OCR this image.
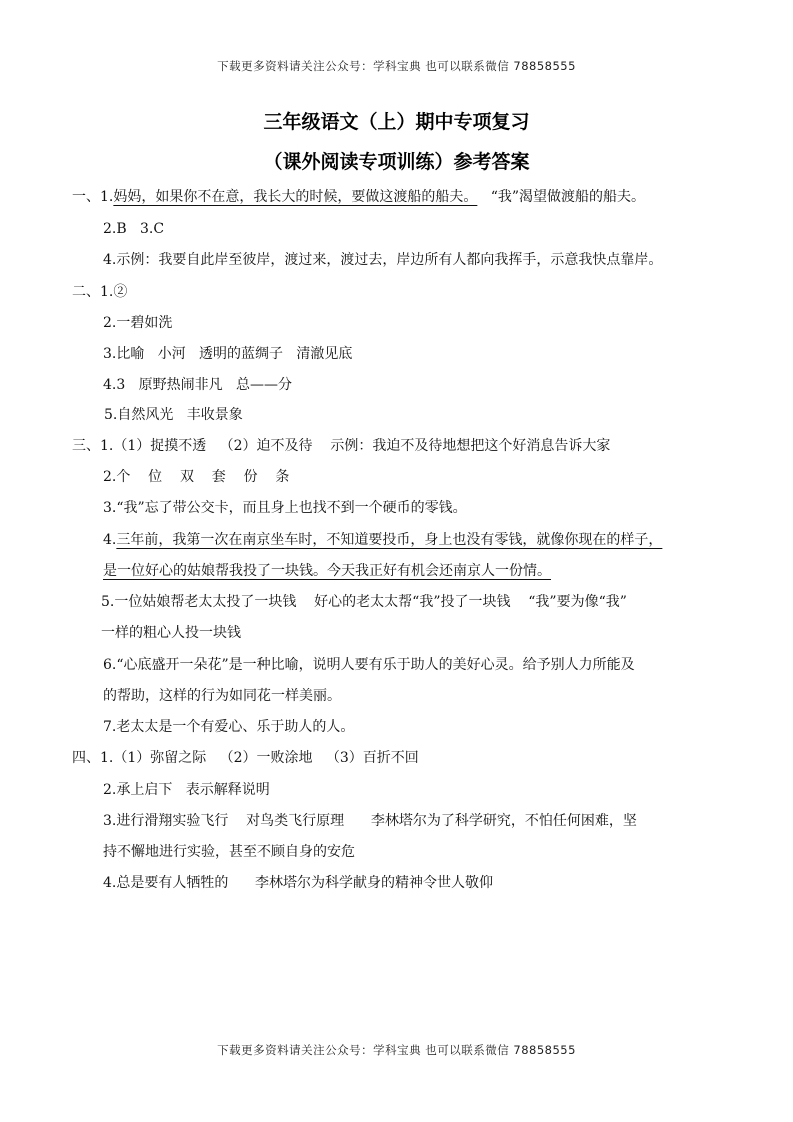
下载更多资料请关注公众号：学科宝典 也可以联系微信 78858555
三年级语文（上）期中专项复习
（课外阅读专项训练）参考答案
一、1.妈妈，如果你不在意，我长大的时候，要做这渡船的船夫。   “我”渴望做渡船的船夫。
2.B   3.C
4.示例：我要自此岸至彼岸，渡过来，渡过去，岸边所有人都向我挥手，示意我快点靠岸。
二、1.②
2.一碧如洗
3.比喻   小河   透明的蓝绸子   清澈见底
4.3   原野热闹非凡   总——分
5.自然风光   丰收景象
三、1.（1）捉摸不透   （2）迫不及待    示例：我迫不及待地想把这个好消息告诉大家
2.个    位    双    套    份    条
3.“我”忘了带公交卡，而且身上也找不到一个硬币的零钱。
4.三年前，我第一次在南京坐车时，不知道要投币，身上也没有零钱，就像你现在的样子，
是一位好心的姑娘帮我投了一块钱。今天我正好有机会还南京人一份情。
5.一位姑娘帮老太太投了一块钱    好心的老太太帮“我”投了一块钱    “我”要为像“我”
一样的粗心人投一块钱
6.“心底盛开一朵花”是一种比喻，说明人要有乐于助人的美好心灵。给予别人力所能及
的帮助，这样的行为如同花一样美丽。
7.老太太是一个有爱心、乐于助人的人。
四、1.（1）弥留之际   （2）一败涂地   （3）百折不回
2.承上启下   表示解释说明
3.进行滑翔实验飞行    对鸟类飞行原理      李林塔尔为了科学研究，不怕任何困难，坚
持不懈地进行实验，甚至不顾自身的安危
4.总是要有人牺牲的      李林塔尔为科学献身的精神令世人敬仰
下载更多资料请关注公众号：学科宝典 也可以联系微信 78858555
